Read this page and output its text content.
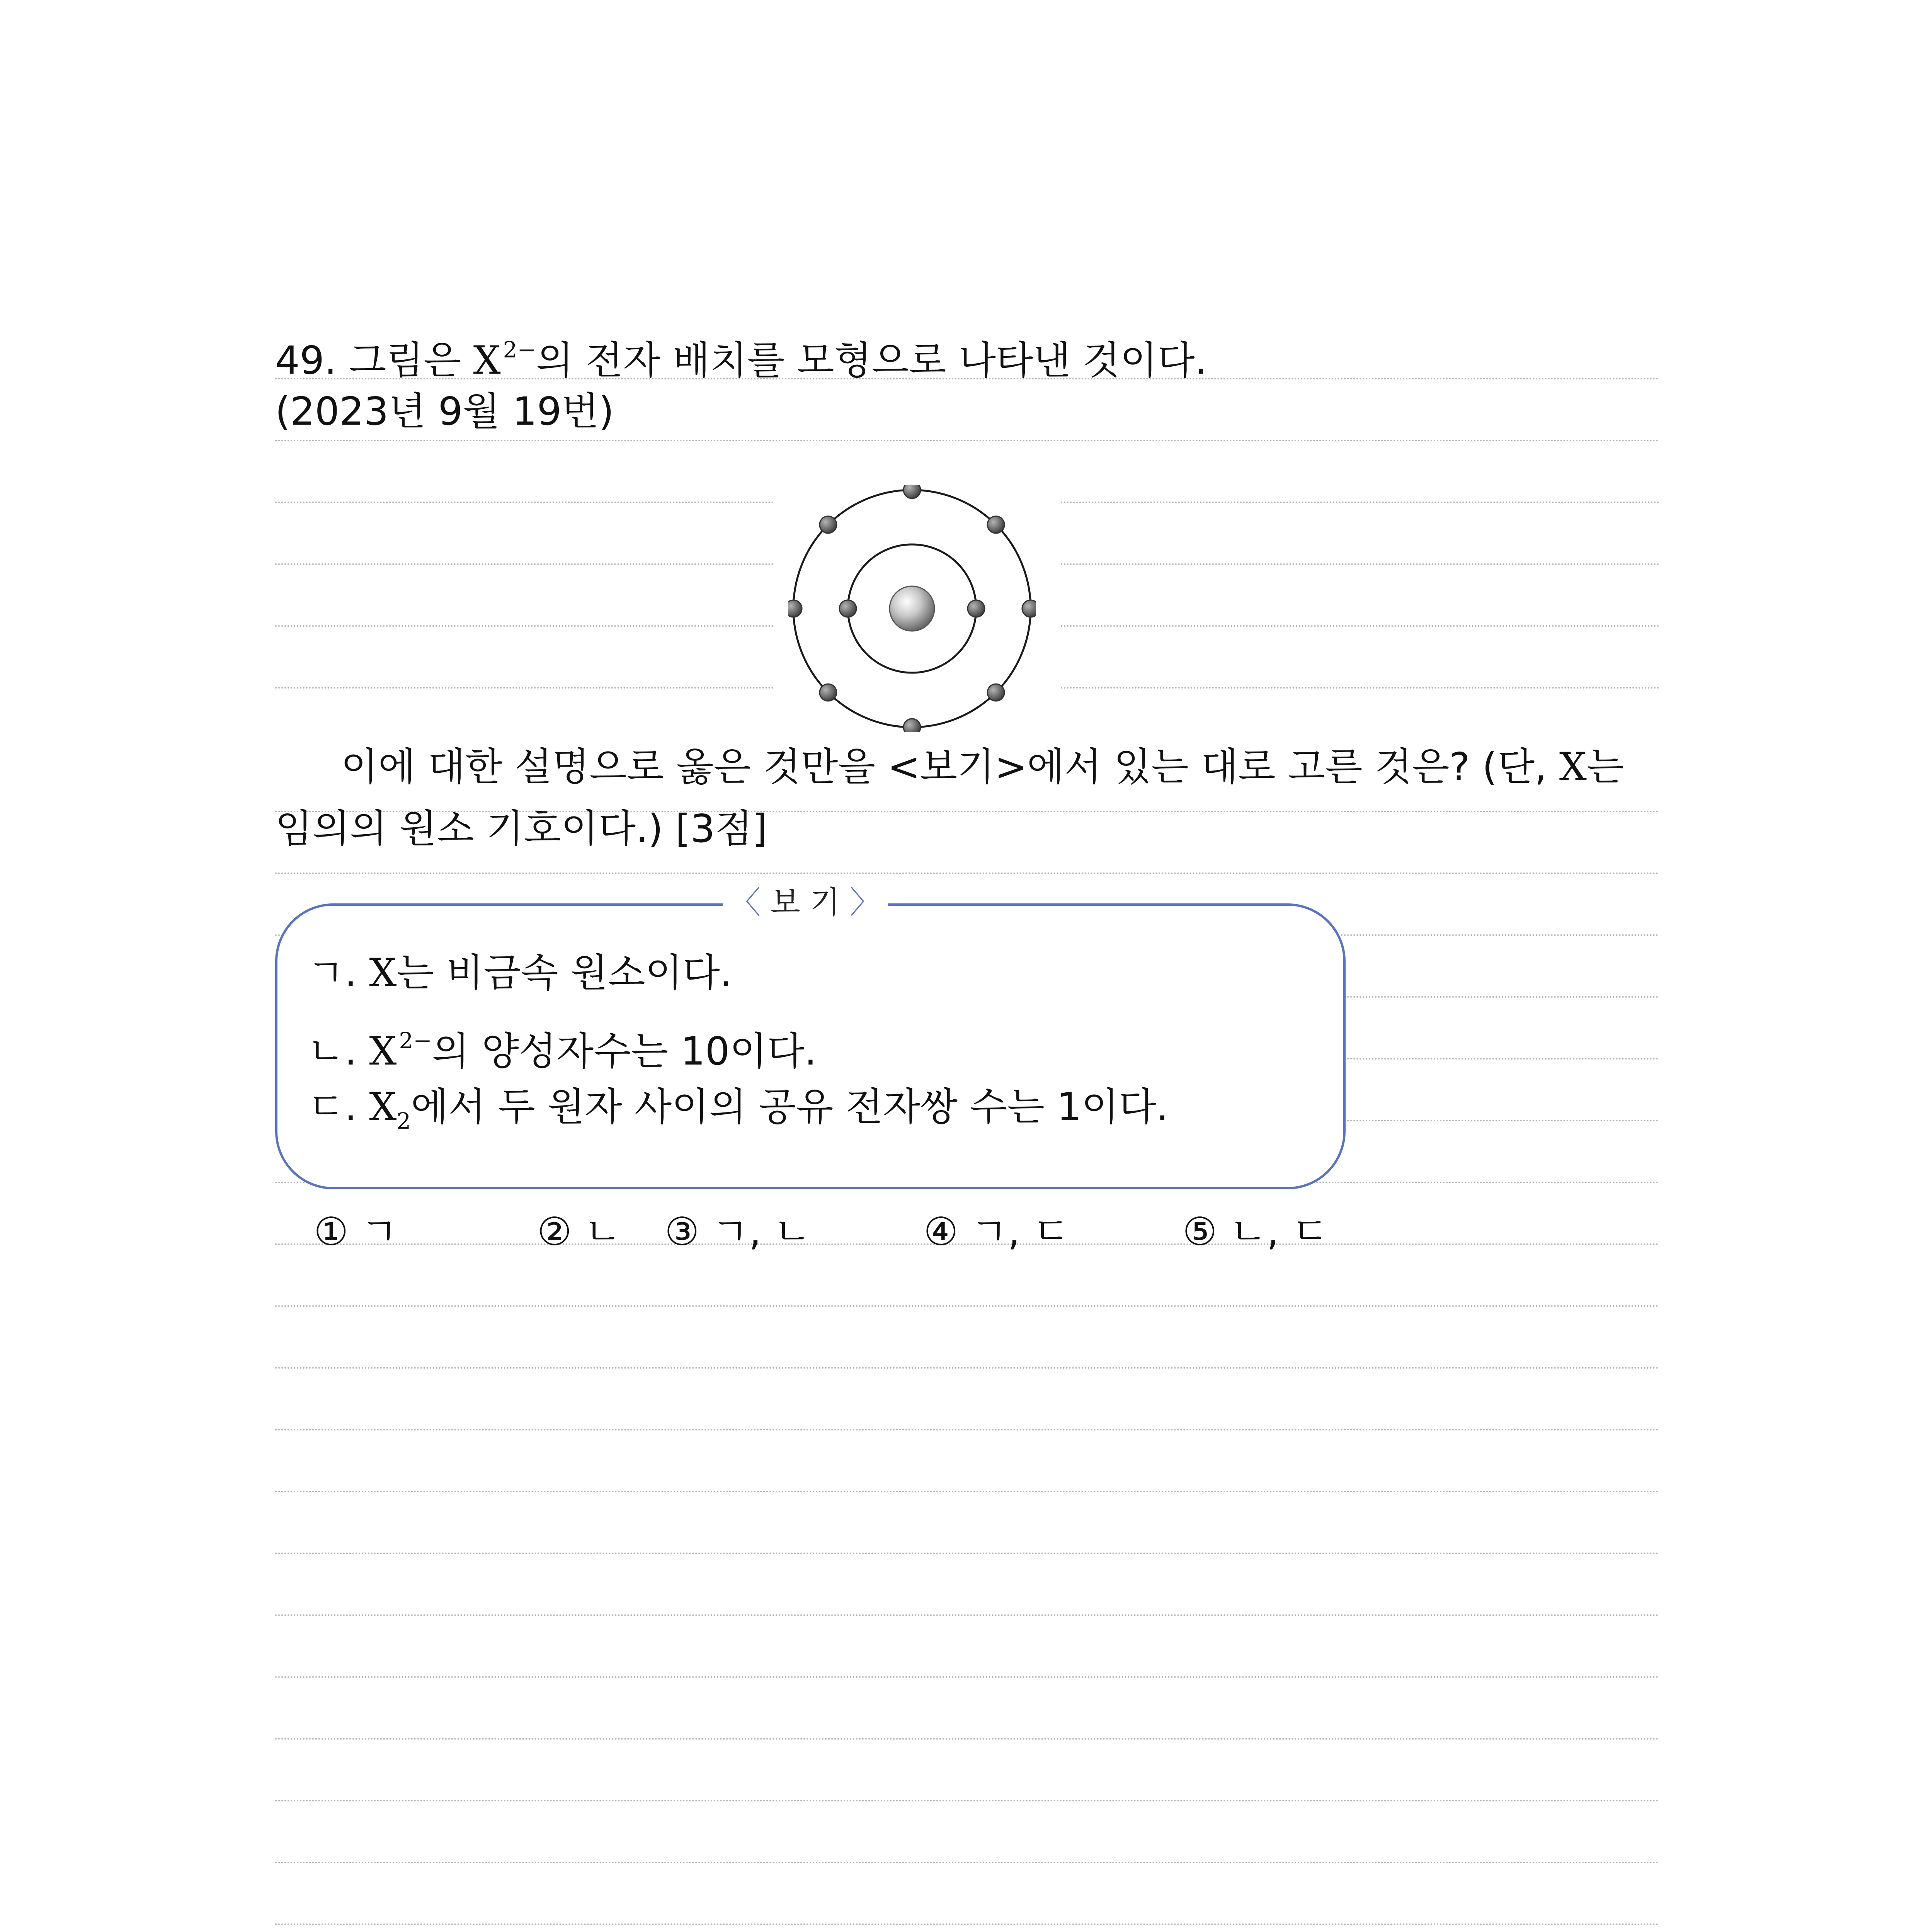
49. 그림은 X $^{2-}$의 전자 배치를 모형으로 나타낸 것이다.
(2023년 9월 19번)
이에 대한 설명으로 옳은 것만을 <보기>에서 있는 대로 고른 것은? (단, X는
임의의 원소 기호이다.) [3점]
〈 보 기 〉
ㄱ. X는 비금속 원소이다.
ㄴ. X $^{2-}$의 양성자수는 10이다.
ㄷ. $X_2$에서 두 원자 사이의 공유 전자쌍 수는 1이다.
① ㄱ	② ㄴ ③ ㄱ, ㄴ	④ ㄱ, ㄷ	⑤ ㄴ, ㄷ
